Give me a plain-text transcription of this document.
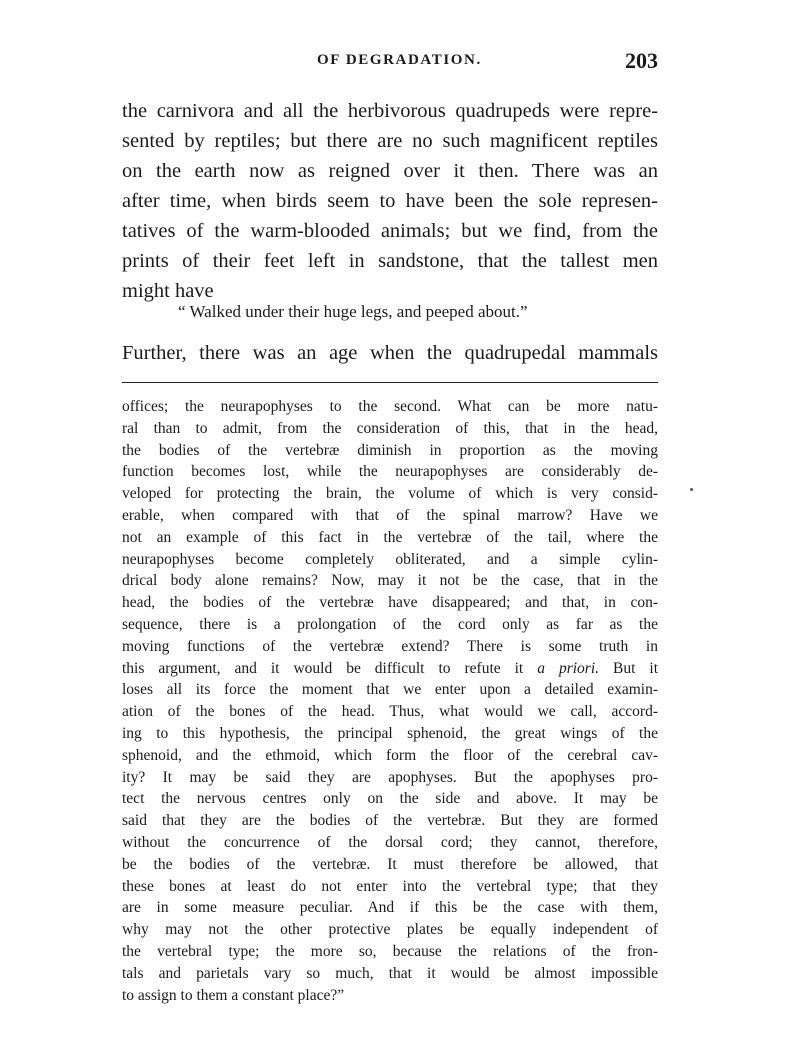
OF DEGRADATION.	203
the carnivora and all the herbivorous quadrupeds were repre-
sented by reptiles; but there are no such magnificent reptiles
on the earth now as reigned over it then. There was an
after time, when birds seem to have been the sole represen-
tatives of the warm-blooded animals; but we find, from the
prints of their feet left in sandstone, that the tallest men
might have
“ Walked under their huge legs, and peeped about.”
Further, there was an age when the quadrupedal mammals
offices; the neurapophyses to the second. What can be more natu-
ral than to admit, from the consideration of this, that in the head,
the bodies of the vertebræ diminish in proportion as the moving
function becomes lost, while the neurapophyses are considerably de-
veloped for protecting the brain, the volume of which is very consid-
erable, when compared with that of the spinal marrow? Have we
not an example of this fact in the vertebræ of the tail, where the
neurapophyses become completely obliterated, and a simple cylin-
drical body alone remains? Now, may it not be the case, that in the
head, the bodies of the vertebræ have disappeared; and that, in con-
sequence, there is a prolongation of the cord only as far as the
moving functions of the vertebræ extend? There is some truth in
this argument, and it would be difficult to refute it a priori. But it
loses all its force the moment that we enter upon a detailed examin-
ation of the bones of the head. Thus, what would we call, accord-
ing to this hypothesis, the principal sphenoid, the great wings of the
sphenoid, and the ethmoid, which form the floor of the cerebral cav-
ity? It may be said they are apophyses. But the apophyses pro-
tect the nervous centres only on the side and above. It may be
said that they are the bodies of the vertebræ. But they are formed
without the concurrence of the dorsal cord; they cannot, therefore,
be the bodies of the vertebræ. It must therefore be allowed, that
these bones at least do not enter into the vertebral type; that they
are in some measure peculiar. And if this be the case with them,
why may not the other protective plates be equally independent of
the vertebral type; the more so, because the relations of the fron-
tals and parietals vary so much, that it would be almost impossible
to assign to them a constant place?”
